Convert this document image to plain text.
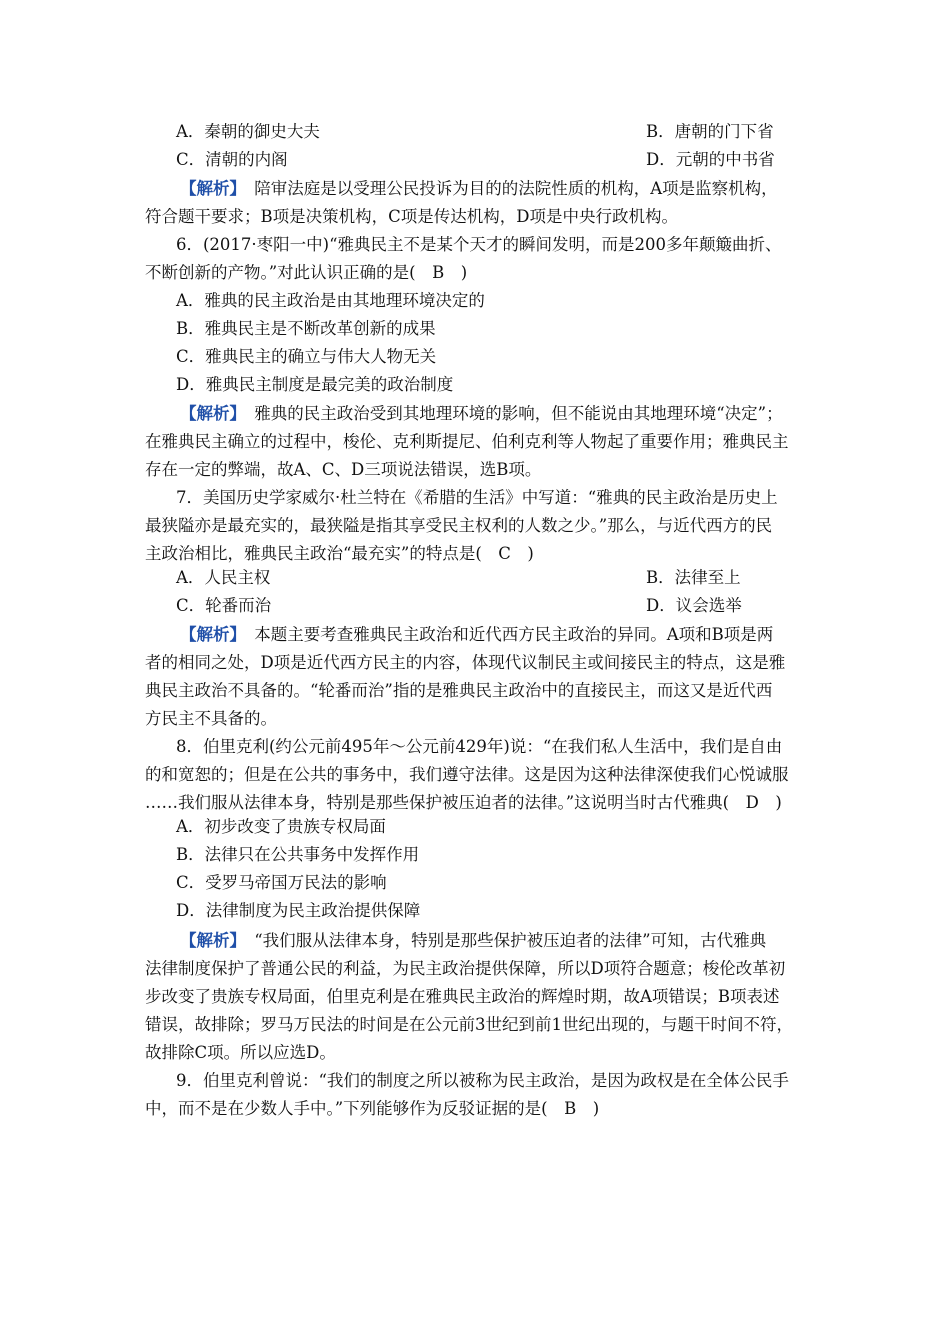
A．秦朝的御史大夫	B．唐朝的门下省
C．清朝的内阁	D．元朝的中书省
【解析】　陪审法庭是以受理公民投诉为目的的法院性质的机构，A项是监察机构，
符合题干要求；B项是决策机构，C项是传达机构，D项是中央行政机构。
6．(2017·枣阳一中)“雅典民主不是某个天才的瞬间发明，而是200多年颠簸曲折、
不断创新的产物。”对此认识正确的是(　B　)
A．雅典的民主政治是由其地理环境决定的
B．雅典民主是不断改革创新的成果
C．雅典民主的确立与伟大人物无关
D．雅典民主制度是最完美的政治制度
【解析】　雅典的民主政治受到其地理环境的影响，但不能说由其地理环境“决定”；
在雅典民主确立的过程中，梭伦、克利斯提尼、伯利克利等人物起了重要作用；雅典民主
存在一定的弊端，故A、C、D三项说法错误，选B项。
7．美国历史学家威尔·杜兰特在《希腊的生活》中写道：“雅典的民主政治是历史上
最狭隘亦是最充实的，最狭隘是指其享受民主权利的人数之少。”那么，与近代西方的民
主政治相比，雅典民主政治“最充实”的特点是(　C　)
A．人民主权	B．法律至上
C．轮番而治	D．议会选举
【解析】　本题主要考查雅典民主政治和近代西方民主政治的异同。A项和B项是两
者的相同之处，D项是近代西方民主的内容，体现代议制民主或间接民主的特点，这是雅
典民主政治不具备的。“轮番而治”指的是雅典民主政治中的直接民主，而这又是近代西
方民主不具备的。
8．伯里克利(约公元前495年～公元前429年)说：“在我们私人生活中，我们是自由
的和宽恕的；但是在公共的事务中，我们遵守法律。这是因为这种法律深使我们心悦诚服
……我们服从法律本身，特别是那些保护被压迫者的法律。”这说明当时古代雅典(　D　)
A．初步改变了贵族专权局面
B．法律只在公共事务中发挥作用
C．受罗马帝国万民法的影响
D．法律制度为民主政治提供保障
【解析】　“我们服从法律本身，特别是那些保护被压迫者的法律”可知，古代雅典
法律制度保护了普通公民的利益，为民主政治提供保障，所以D项符合题意；梭伦改革初
步改变了贵族专权局面，伯里克利是在雅典民主政治的辉煌时期，故A项错误；B项表述
错误，故排除；罗马万民法的时间是在公元前3世纪到前1世纪出现的，与题干时间不符，
故排除C项。所以应选D。
9．伯里克利曾说：“我们的制度之所以被称为民主政治，是因为政权是在全体公民手
中，而不是在少数人手中。”下列能够作为反驳证据的是(　B　)
